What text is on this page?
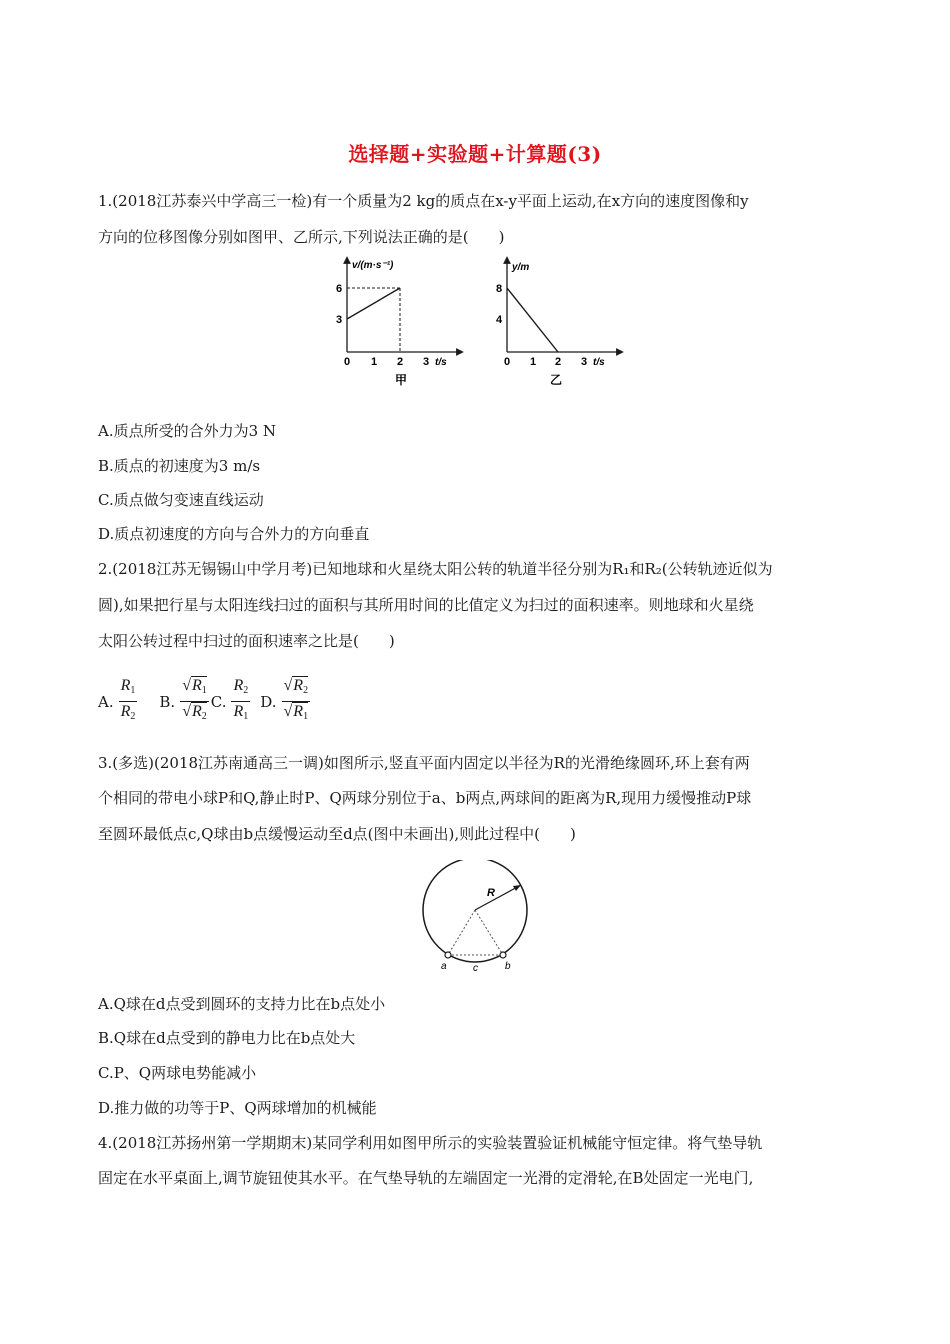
选择题+实验题+计算题(3)
1.(2018江苏泰兴中学高三一检)有一个质量为2 kg的质点在x-y平面上运动,在x方向的速度图像和y
方向的位移图像分别如图甲、乙所示,下列说法正确的是(　　)
v/(m·s⁻¹)
6
3
0 1 2 3 t/s
甲
y/m
8
4
0 1 2 3 t/s
乙
A.质点所受的合外力为3 N
B.质点的初速度为3 m/s
C.质点做匀变速直线运动
D.质点初速度的方向与合外力的方向垂直
2.(2018江苏无锡锡山中学月考)已知地球和火星绕太阳公转的轨道半径分别为R₁和R₂(公转轨迹近似为
圆),如果把行星与太阳连线扫过的面积与其所用时间的比值定义为扫过的面积速率。则地球和火星绕
太阳公转过程中扫过的面积速率之比是(　　)
A. $\frac{R_1}{R_2} B$. $\frac{√R_1}{√R_2} C$. $\frac{R_2}{R_1} D$. $\frac{√R_2}{√R_1}$
3.(多选)(2018江苏南通高三一调)如图所示,竖直平面内固定以半径为R的光滑绝缘圆环,环上套有两
个相同的带电小球P和Q,静止时P、Q两球分别位于a、b两点,两球间的距离为R,现用力缓慢推动P球
至圆环最低点c,Q球由b点缓慢运动至d点(图中未画出),则此过程中(　　)
R
a	c	b
A.Q球在d点受到圆环的支持力比在b点处小
B.Q球在d点受到的静电力比在b点处大
C.P、Q两球电势能减小
D.推力做的功等于P、Q两球增加的机械能
4.(2018江苏扬州第一学期期末)某同学利用如图甲所示的实验装置验证机械能守恒定律。将气垫导轨
固定在水平桌面上,调节旋钮使其水平。在气垫导轨的左端固定一光滑的定滑轮,在B处固定一光电门,
